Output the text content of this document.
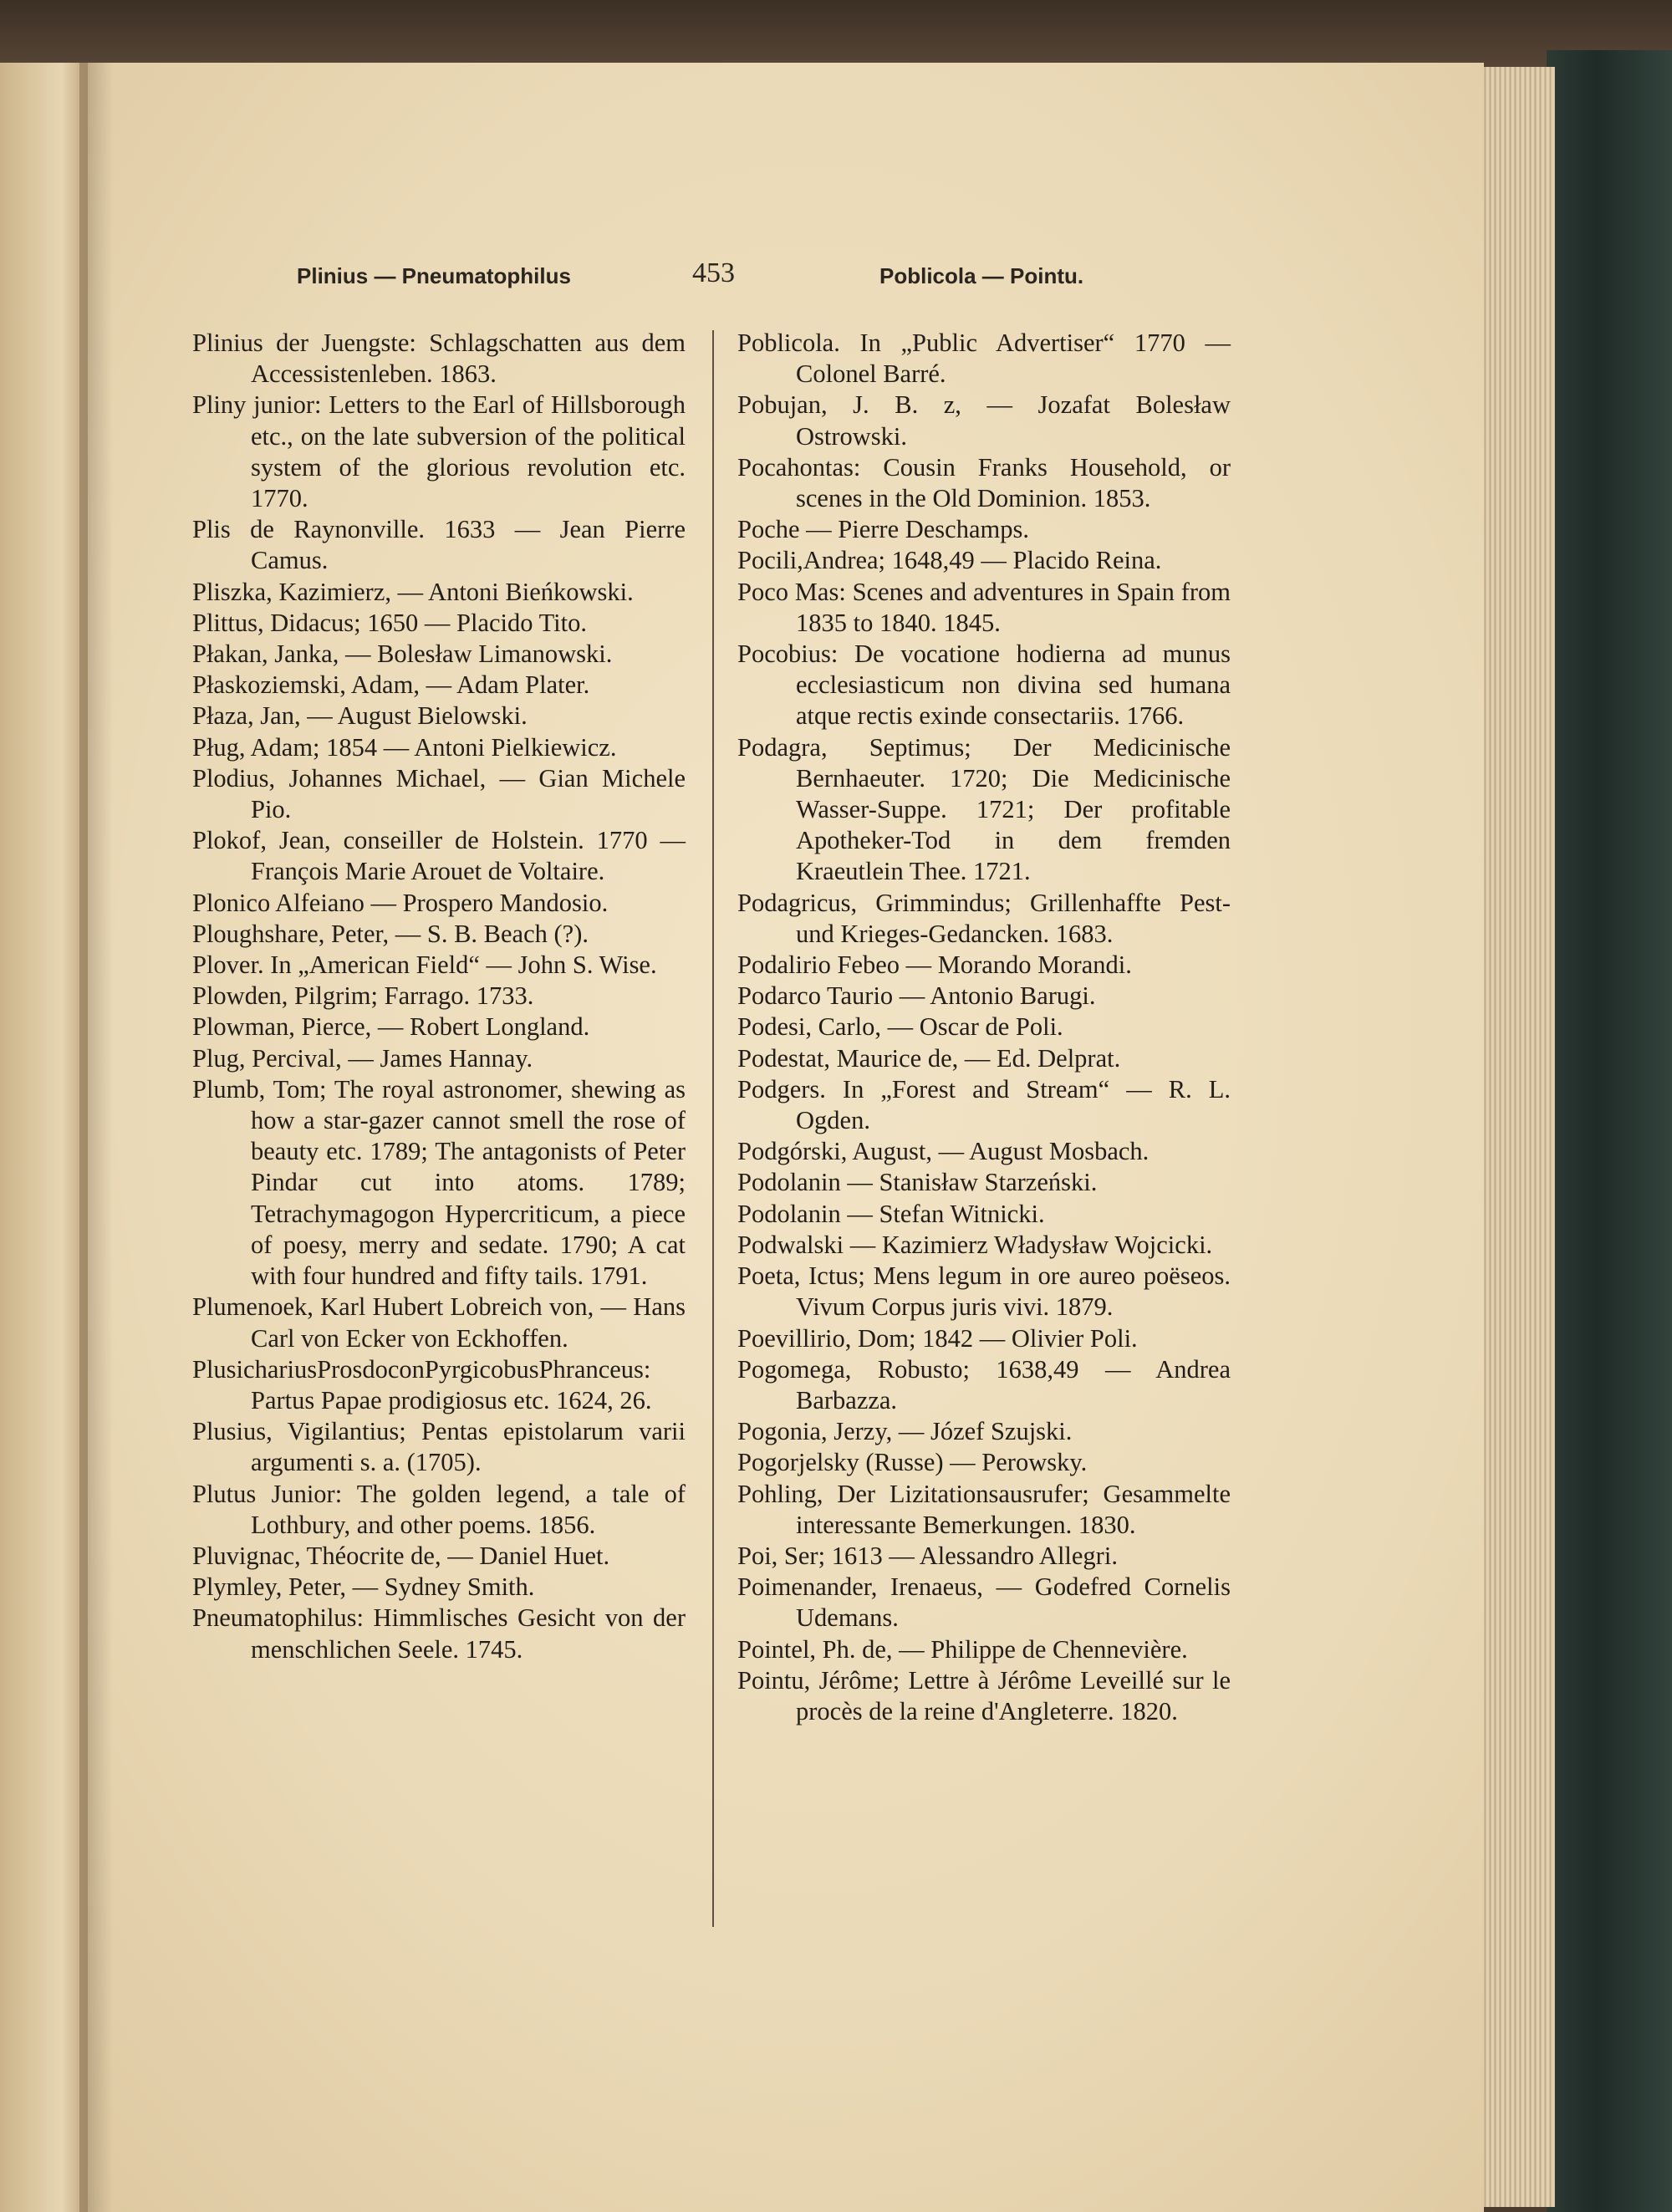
Plinius — Pneumatophilus	453	Poblicola — Pointu.

Plinius der Juengste: Schlagschatten aus dem Accessistenleben. 1863.

Pliny junior: Letters to the Earl of Hillsborough etc., on the late subversion of the political system of the glorious revolution etc. 1770.

Plis de Raynonville. 1633 — Jean Pierre Camus.

Pliszka, Kazimierz, — Antoni Bieńkowski.

Plittus, Didacus; 1650 — Placido Tito.

Płakan, Janka, — Bolesław Limanowski.

Płaskoziemski, Adam, — Adam Plater.

Płaza, Jan, — August Bielowski.

Pług, Adam; 1854 — Antoni Pielkiewicz.

Plodius, Johannes Michael, — Gian Michele Pio.

Plokof, Jean, conseiller de Holstein. 1770 — François Marie Arouet de Voltaire.

Plonico Alfeiano — Prospero Mandosio.

Ploughshare, Peter, — S. B. Beach (?).

Plover. In „American Field“ — John S. Wise.

Plowden, Pilgrim; Farrago. 1733.

Plowman, Pierce, — Robert Longland.

Plug, Percival, — James Hannay.

Plumb, Tom; The royal astronomer, shewing as how a star-gazer cannot smell the rose of beauty etc. 1789; The antagonists of Peter Pindar cut into atoms. 1789; Tetrachymagogon Hypercriticum, a piece of poesy, merry and sedate. 1790; A cat with four hundred and fifty tails. 1791.

Plumenoek, Karl Hubert Lobreich von, — Hans Carl von Ecker von Eckhoffen.

PlusichariusProsdoconPyrgicobusPhranceus: Partus Papae prodigiosus etc. 1624, 26.

Plusius, Vigilantius; Pentas epistolarum varii argumenti s. a. (1705).

Plutus Junior: The golden legend, a tale of Lothbury, and other poems. 1856.

Pluvignac, Théocrite de, — Daniel Huet.

Plymley, Peter, — Sydney Smith.

Pneumatophilus: Himmlisches Gesicht von der menschlichen Seele. 1745.

Poblicola. In „Public Advertiser“ 1770 — Colonel Barré.

Pobujan, J. B. z, — Jozafat Bolesław Ostrowski.

Pocahontas: Cousin Franks Household, or scenes in the Old Dominion. 1853.

Poche — Pierre Deschamps.

Pocili,Andrea; 1648,49 — Placido Reina.

Poco Mas: Scenes and adventures in Spain from 1835 to 1840. 1845.

Pocobius: De vocatione hodierna ad munus ecclesiasticum non divina sed humana atque rectis exinde consectariis. 1766.

Podagra, Septimus; Der Medicinische Bernhaeuter. 1720; Die Medicinische Wasser-Suppe. 1721; Der profitable Apotheker-Tod in dem fremden Kraeutlein Thee. 1721.

Podagricus, Grimmindus; Grillenhaffte Pest-und Krieges-Gedancken. 1683.

Podalirio Febeo — Morando Morandi.

Podarco Taurio — Antonio Barugi.

Podesi, Carlo, — Oscar de Poli.

Podestat, Maurice de, — Ed. Delprat.

Podgers. In „Forest and Stream“ — R. L. Ogden.

Podgórski, August, — August Mosbach.

Podolanin — Stanisław Starzeński.

Podolanin — Stefan Witnicki.

Podwalski — Kazimierz Władysław Wojcicki.

Poeta, Ictus; Mens legum in ore aureo poëseos. Vivum Corpus juris vivi. 1879.

Poevillirio, Dom; 1842 — Olivier Poli.

Pogomega, Robusto; 1638,49 — Andrea Barbazza.

Pogonia, Jerzy, — Józef Szujski.

Pogorjelsky (Russe) — Perowsky.

Pohling, Der Lizitationsausrufer; Gesammelte interessante Bemerkungen. 1830.

Poi, Ser; 1613 — Alessandro Allegri.

Poimenander, Irenaeus, — Godefred Cornelis Udemans.

Pointel, Ph. de, — Philippe de Chennevière.

Pointu, Jérôme; Lettre à Jérôme Leveillé sur le procès de la reine d'Angleterre. 1820.
